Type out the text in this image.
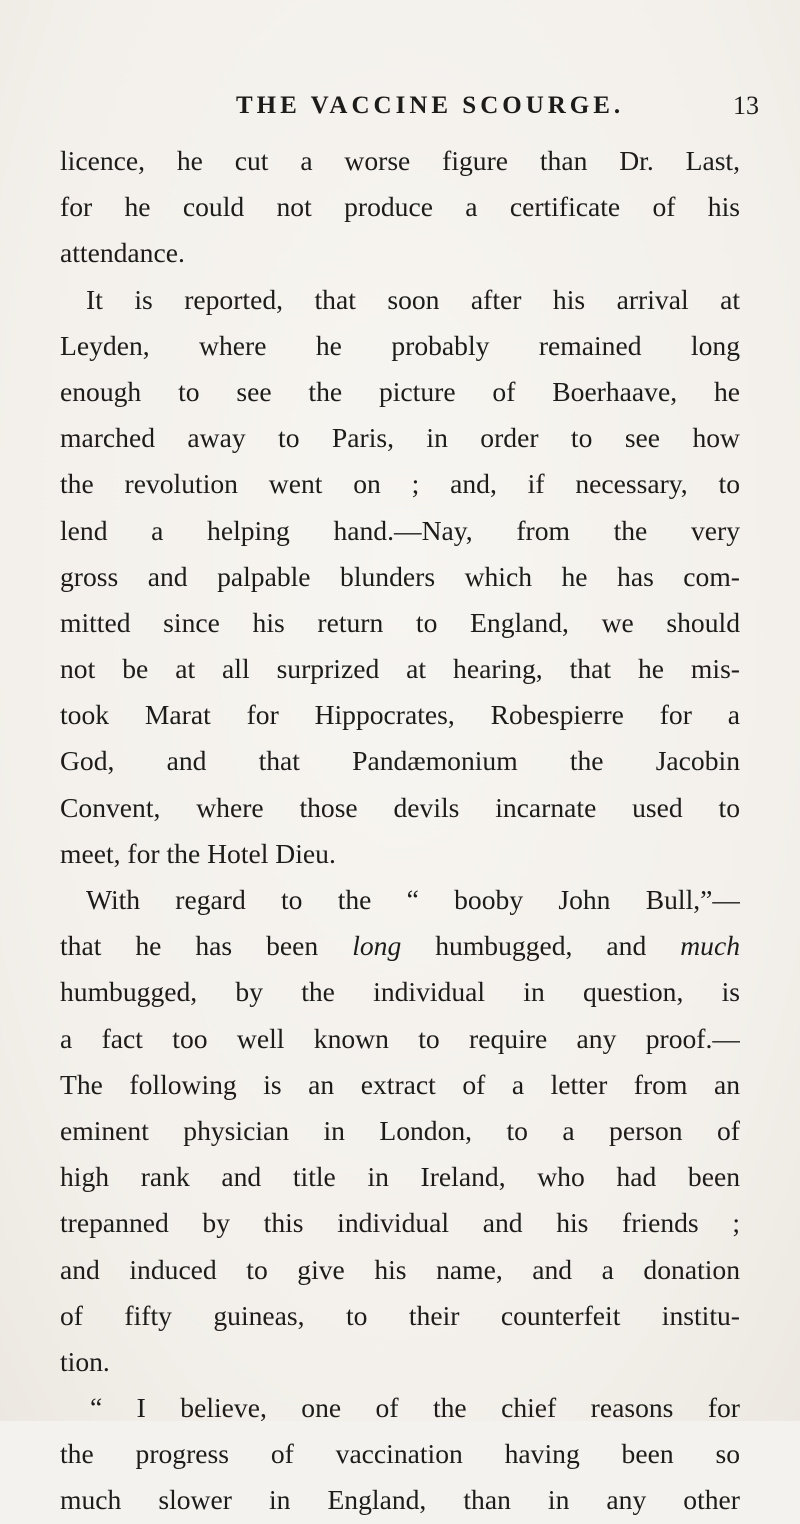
THE VACCINE SCOURGE.	13
licence, he cut a worse figure than Dr. Last,
for he could not produce a certificate of his
attendance.
It is reported, that soon after his arrival at
Leyden, where he probably remained long
enough to see the picture of Boerhaave, he
marched away to Paris, in order to see how
the revolution went on ; and, if necessary, to
lend a helping hand.—Nay, from the very
gross and palpable blunders which he has com-
mitted since his return to England, we should
not be at all surprized at hearing, that he mis-
took Marat for Hippocrates, Robespierre for a
God, and that Pandæmonium the Jacobin
Convent, where those devils incarnate used to
meet, for the Hotel Dieu.
With regard to the “ booby John Bull,”—
that he has been long humbugged, and much
humbugged, by the individual in question, is
a fact too well known to require any proof.—
The following is an extract of a letter from an
eminent physician in London, to a person of
high rank and title in Ireland, who had been
trepanned by this individual and his friends ;
and induced to give his name, and a donation
of fifty guineas, to their counterfeit institu-
tion.
“ I believe, one of the chief reasons for
the progress of vaccination having been so
much slower in England, than in any other
